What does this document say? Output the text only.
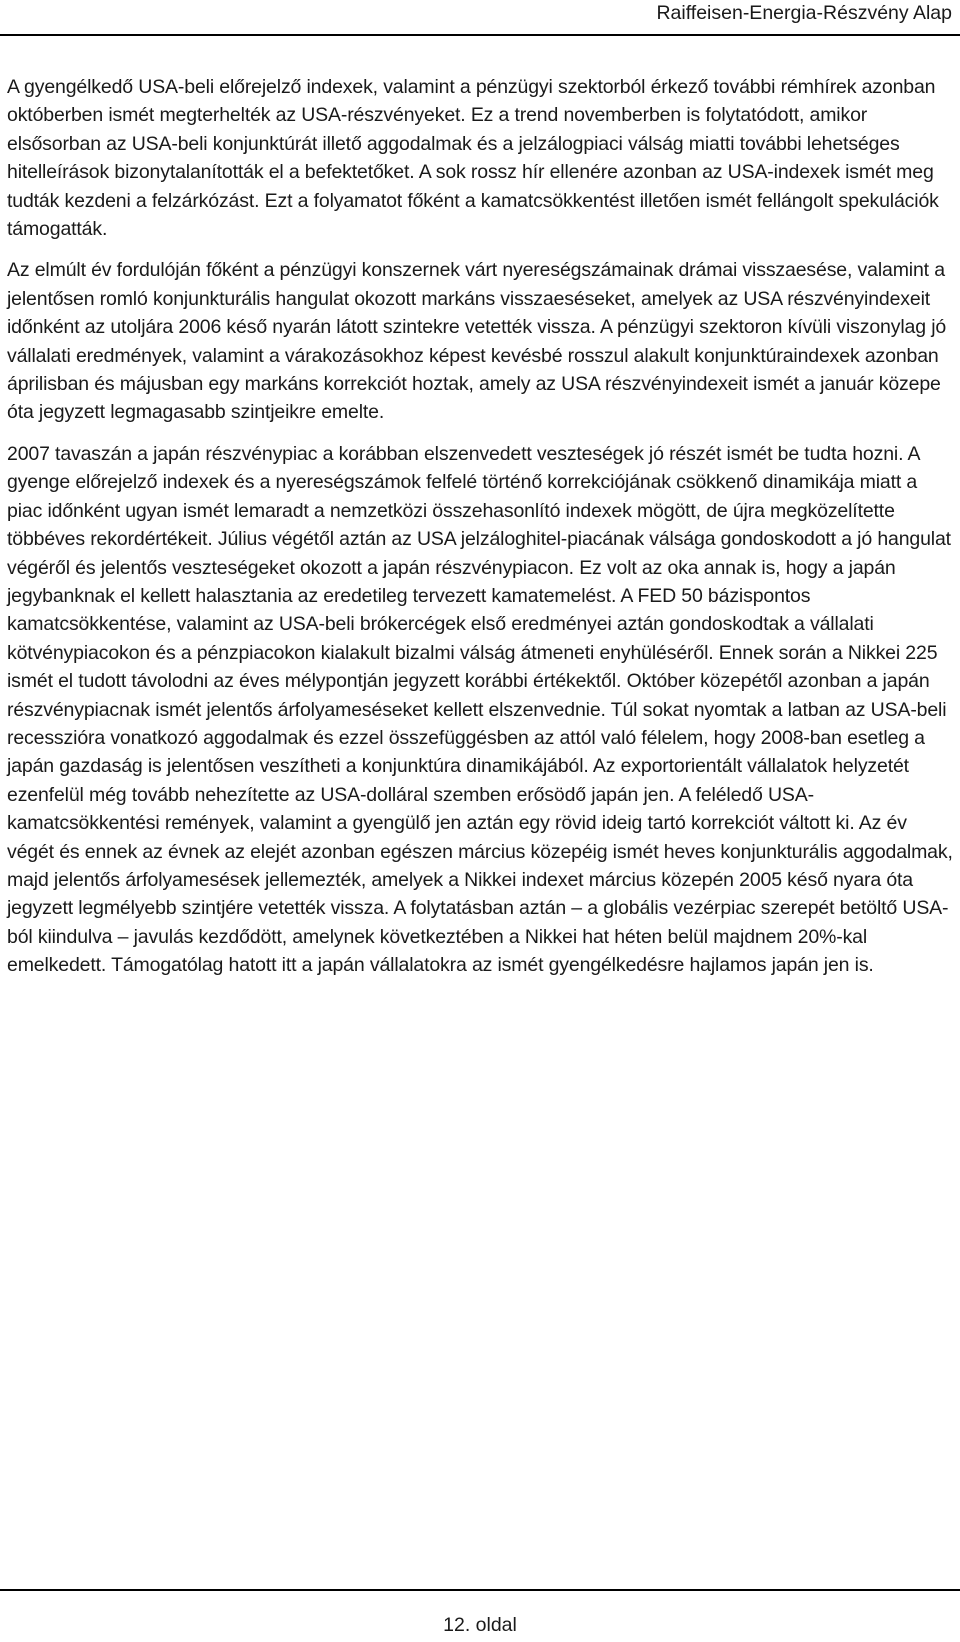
Raiffeisen-Energia-Részvény Alap

A gyengélkedő USA-beli előrejelző indexek, valamint a pénzügyi szektorból érkező további rémhírek azonban októberben ismét megterhelték az USA-részvényeket. Ez a trend novemberben is folytatódott, amikor elsősorban az USA-beli konjunktúrát illető aggodalmak és a jelzálogpiaci válság miatti további lehetséges hitelleírások bizonytalanították el a befektetőket. A sok rossz hír ellenére azonban az USA-indexek ismét meg tudták kezdeni a felzárkózást. Ezt a folyamatot főként a kamatcsökkentést illetően ismét fellángolt spekulációk támogatták.

Az elmúlt év fordulóján főként a pénzügyi konszernek várt nyereségszámainak drámai visszaesése, valamint a jelentősen romló konjunkturális hangulat okozott markáns visszaeséseket, amelyek az USA részvényindexeit időnként az utoljára 2006 késő nyarán látott szintekre vetették vissza. A pénzügyi szektoron kívüli viszonylag jó vállalati eredmények, valamint a várakozásokhoz képest kevésbé rosszul alakult konjunktúraindexek azonban áprilisban és májusban egy markáns korrekciót hoztak, amely az USA részvényindexeit ismét a január közepe óta jegyzett legmagasabb szintjeikre emelte.

2007 tavaszán a japán részvénypiac a korábban elszenvedett veszteségek jó részét ismét be tudta hozni. A gyenge előrejelző indexek és a nyereségszámok felfelé történő korrekciójának csökkenő dinamikája miatt a piac időnként ugyan ismét lemaradt a nemzetközi összehasonlító indexek mögött, de újra megközelítette többéves rekordértékeit. Július végétől aztán az USA jelzáloghitel-piacának válsága gondoskodott a jó hangulat végéről és jelentős veszteségeket okozott a japán részvénypiacon. Ez volt az oka annak is, hogy a japán jegybanknak el kellett halasztania az eredetileg tervezett kamatemelést. A FED 50 bázispontos kamatcsökkentése, valamint az USA-beli brókercégek első eredményei aztán gondoskodtak a vállalati kötvénypiacokon és a pénzpiacokon kialakult bizalmi válság átmeneti enyhüléséről. Ennek során a Nikkei 225 ismét el tudott távolodni az éves mélypontján jegyzett korábbi értékektől. Október közepétől azonban a japán részvénypiacnak ismét jelentős árfolyameséseket kellett elszenvednie. Túl sokat nyomtak a latban az USA-beli recesszióra vonatkozó aggodalmak és ezzel összefüggésben az attól való félelem, hogy 2008-ban esetleg a japán gazdaság is jelentősen veszítheti a konjunktúra dinamikájából. Az exportorientált vállalatok helyzetét ezenfelül még tovább nehezítette az USA-dolláral szemben erősödő japán jen. A feléledő USA-kamatcsökkentési remények, valamint a gyengülő jen aztán egy rövid ideig tartó korrekciót váltott ki. Az év végét és ennek az évnek az elejét azonban egészen március közepéig ismét heves konjunkturális aggodalmak, majd jelentős árfolyamesések jellemezték, amelyek a Nikkei indexet március közepén 2005 késő nyara óta jegyzett legmélyebb szintjére vetették vissza. A folytatásban aztán – a globális vezérpiac szerepét betöltő USA-ból kiindulva – javulás kezdődött, amelynek következtében a Nikkei hat héten belül majdnem 20%-kal emelkedett. Támogatólag hatott itt a japán vállalatokra az ismét gyengélkedésre hajlamos japán jen is.

12. oldal
